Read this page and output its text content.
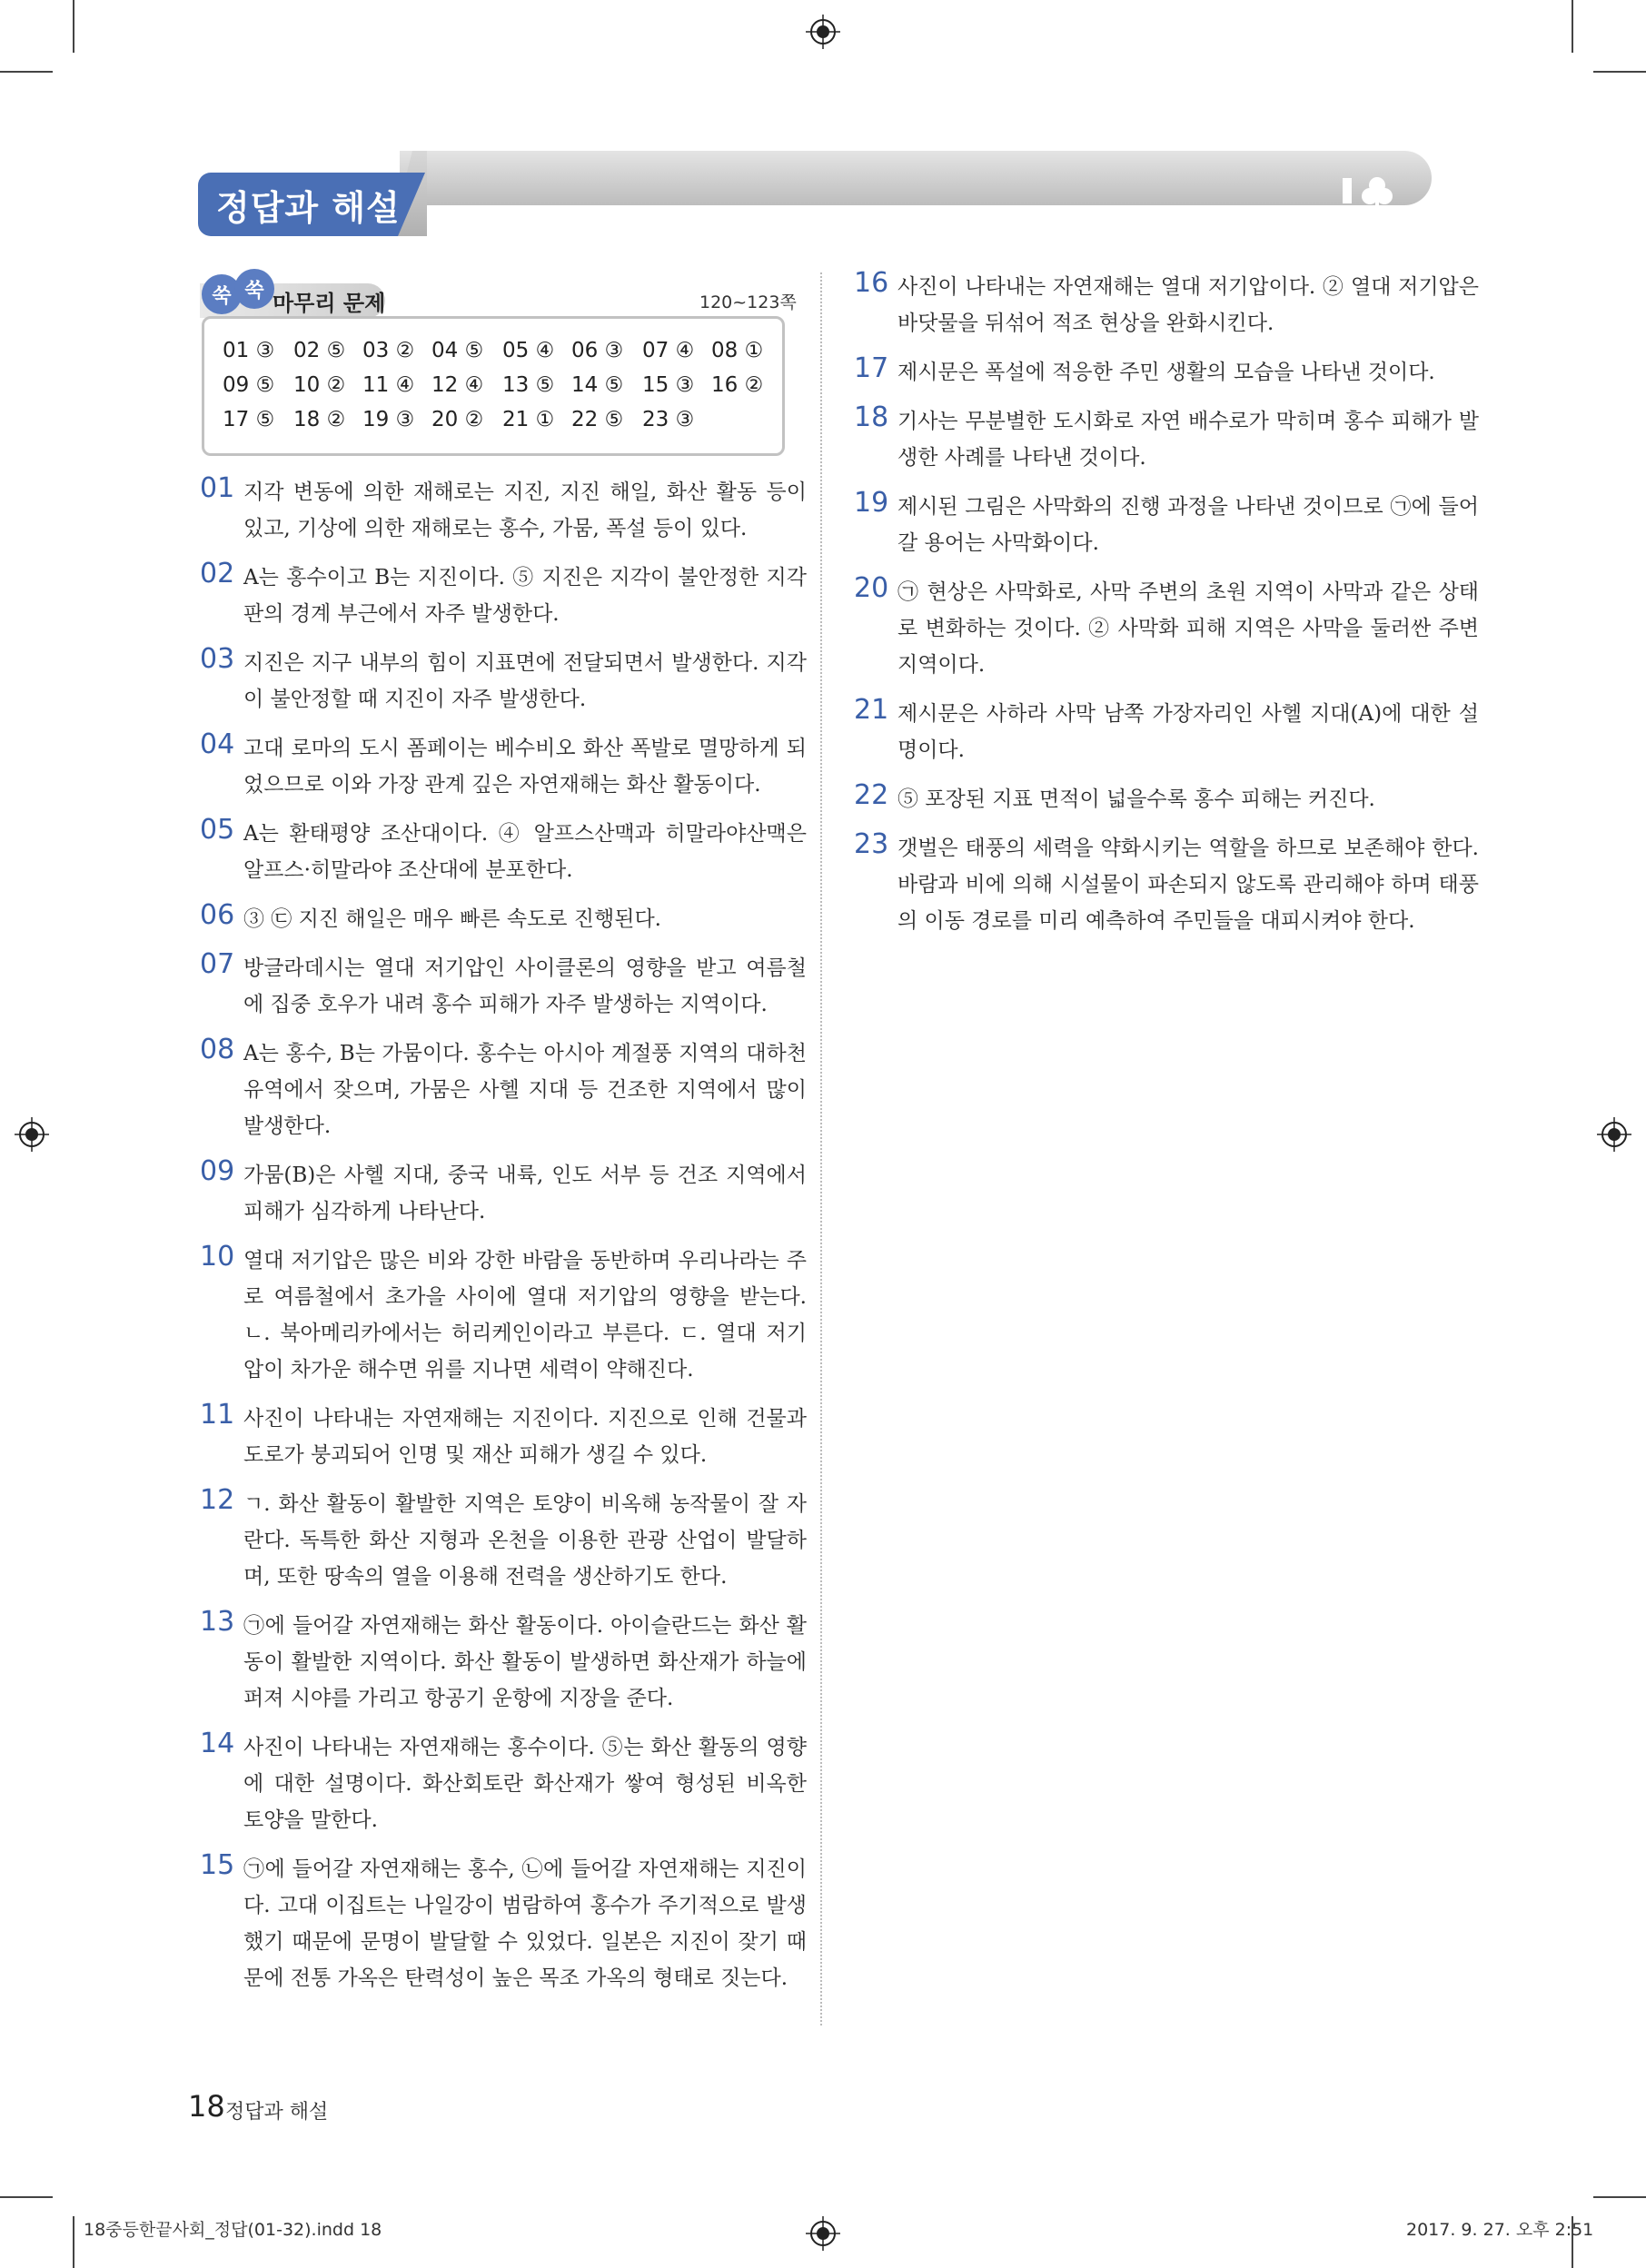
정답과 해설
쑥 쑥 마무리 문제	120~123쪽
01 ③ 02 ⑤ 03 ② 04 ⑤ 05 ④ 06 ③ 07 ④ 08 ①
09 ⑤ 10 ② 11 ④ 12 ④ 13 ⑤ 14 ⑤ 15 ③ 16 ②
17 ⑤ 18 ② 19 ③ 20 ② 21 ① 22 ⑤ 23 ③
01 지각 변동에 의한 재해로는 지진, 지진 해일, 화산 활동 등이 있고, 기상에 의한 재해로는 홍수, 가뭄, 폭설 등이 있다.
02 A는 홍수이고 B는 지진이다. ⑤ 지진은 지각이 불안정한 지각판의 경계 부근에서 자주 발생한다.
03 지진은 지구 내부의 힘이 지표면에 전달되면서 발생한다. 지각이 불안정할 때 지진이 자주 발생한다.
04 고대 로마의 도시 폼페이는 베수비오 화산 폭발로 멸망하게 되었으므로 이와 가장 관계 깊은 자연재해는 화산 활동이다.
05 A는 환태평양 조산대이다. ④ 알프스산맥과 히말라야산맥은 알프스·히말라야 조산대에 분포한다.
06 ③ ㉢ 지진 해일은 매우 빠른 속도로 진행된다.
07 방글라데시는 열대 저기압인 사이클론의 영향을 받고 여름철에 집중 호우가 내려 홍수 피해가 자주 발생하는 지역이다.
08 A는 홍수, B는 가뭄이다. 홍수는 아시아 계절풍 지역의 대하천 유역에서 잦으며, 가뭄은 사헬 지대 등 건조한 지역에서 많이 발생한다.
09 가뭄(B)은 사헬 지대, 중국 내륙, 인도 서부 등 건조 지역에서 피해가 심각하게 나타난다.
10 열대 저기압은 많은 비와 강한 바람을 동반하며 우리나라는 주로 여름철에서 초가을 사이에 열대 저기압의 영향을 받는다. ㄴ. 북아메리카에서는 허리케인이라고 부른다. ㄷ. 열대 저기압이 차가운 해수면 위를 지나면 세력이 약해진다.
11 사진이 나타내는 자연재해는 지진이다. 지진으로 인해 건물과 도로가 붕괴되어 인명 및 재산 피해가 생길 수 있다.
12 ㄱ. 화산 활동이 활발한 지역은 토양이 비옥해 농작물이 잘 자란다. 독특한 화산 지형과 온천을 이용한 관광 산업이 발달하며, 또한 땅속의 열을 이용해 전력을 생산하기도 한다.
13 ㉠에 들어갈 자연재해는 화산 활동이다. 아이슬란드는 화산 활동이 활발한 지역이다. 화산 활동이 발생하면 화산재가 하늘에 퍼져 시야를 가리고 항공기 운항에 지장을 준다.
14 사진이 나타내는 자연재해는 홍수이다. ⑤는 화산 활동의 영향에 대한 설명이다. 화산회토란 화산재가 쌓여 형성된 비옥한 토양을 말한다.
15 ㉠에 들어갈 자연재해는 홍수, ㉡에 들어갈 자연재해는 지진이다. 고대 이집트는 나일강이 범람하여 홍수가 주기적으로 발생했기 때문에 문명이 발달할 수 있었다. 일본은 지진이 잦기 때문에 전통 가옥은 탄력성이 높은 목조 가옥의 형태로 짓는다.
16 사진이 나타내는 자연재해는 열대 저기압이다. ② 열대 저기압은 바닷물을 뒤섞어 적조 현상을 완화시킨다.
17 제시문은 폭설에 적응한 주민 생활의 모습을 나타낸 것이다.
18 기사는 무분별한 도시화로 자연 배수로가 막히며 홍수 피해가 발생한 사례를 나타낸 것이다.
19 제시된 그림은 사막화의 진행 과정을 나타낸 것이므로 ㉠에 들어갈 용어는 사막화이다.
20 ㉠ 현상은 사막화로, 사막 주변의 초원 지역이 사막과 같은 상태로 변화하는 것이다. ② 사막화 피해 지역은 사막을 둘러싼 주변 지역이다.
21 제시문은 사하라 사막 남쪽 가장자리인 사헬 지대(A)에 대한 설명이다.
22 ⑤ 포장된 지표 면적이 넓을수록 홍수 피해는 커진다.
23 갯벌은 태풍의 세력을 약화시키는 역할을 하므로 보존해야 한다. 바람과 비에 의해 시설물이 파손되지 않도록 관리해야 하며 태풍의 이동 경로를 미리 예측하여 주민들을 대피시켜야 한다.
18 정답과 해설
18중등한끝사회_정답(01-32).indd 18	2017. 9. 27. 오후 2:51
